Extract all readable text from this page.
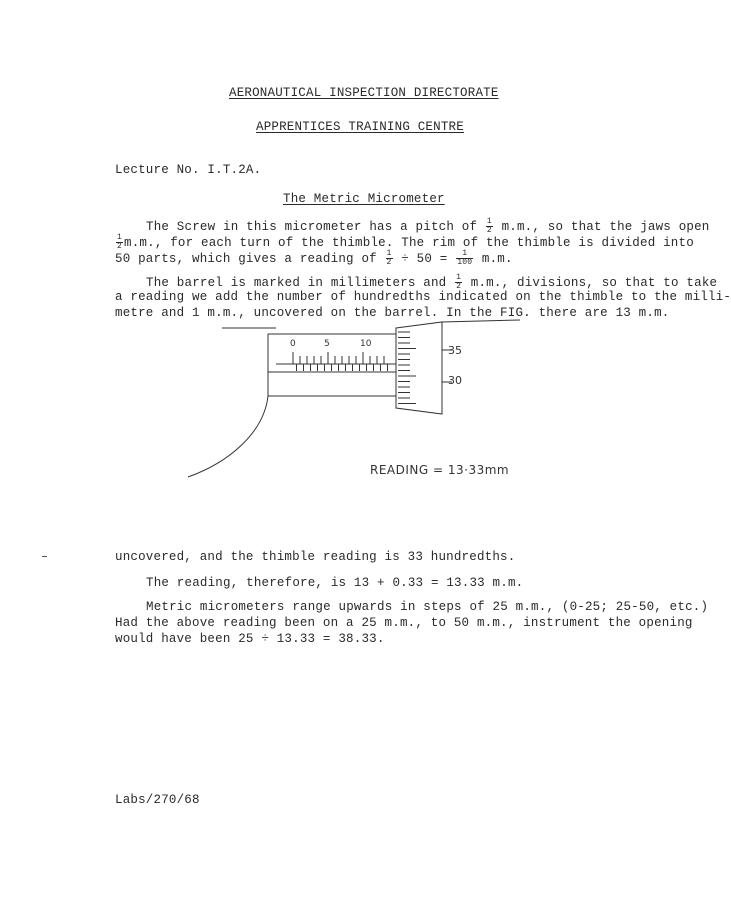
AERONAUTICAL INSPECTION DIRECTORATE
APPRENTICES TRAINING CENTRE
Lecture No. I.T.2A.
The Metric Micrometer
The Screw in this micrometer has a pitch of $\frac{1}{2} m.m$., so that the jaws open
$\frac{1}{2} m.m$., for each turn of the thimble. The rim of the thimble is divided into
50 parts, which gives a reading of $\frac{1}{2} \div 50 = \frac{1}{100} m.m$.
The barrel is marked in millimeters and $\frac{1}{2} m.m$., divisions, so that to take
a reading we add the number of hundredths indicated on the thimble to the milli-
metre and 1 m.m., uncovered on the barrel. In the FIG. there are 13 m.m.
0	5	10	35
30
READING = 13·33mm
uncovered, and the thimble reading is 33 hundredths.
The reading, therefore, is 13 + 0.33 = 13.33 m.m.
Metric micrometers range upwards in steps of 25 m.m., (0-25; 25-50, etc.)
Had the above reading been on a 25 m.m., to 50 m.m., instrument the opening
would have been 25 ÷ 13.33 = 38.33.
Labs/270/68
